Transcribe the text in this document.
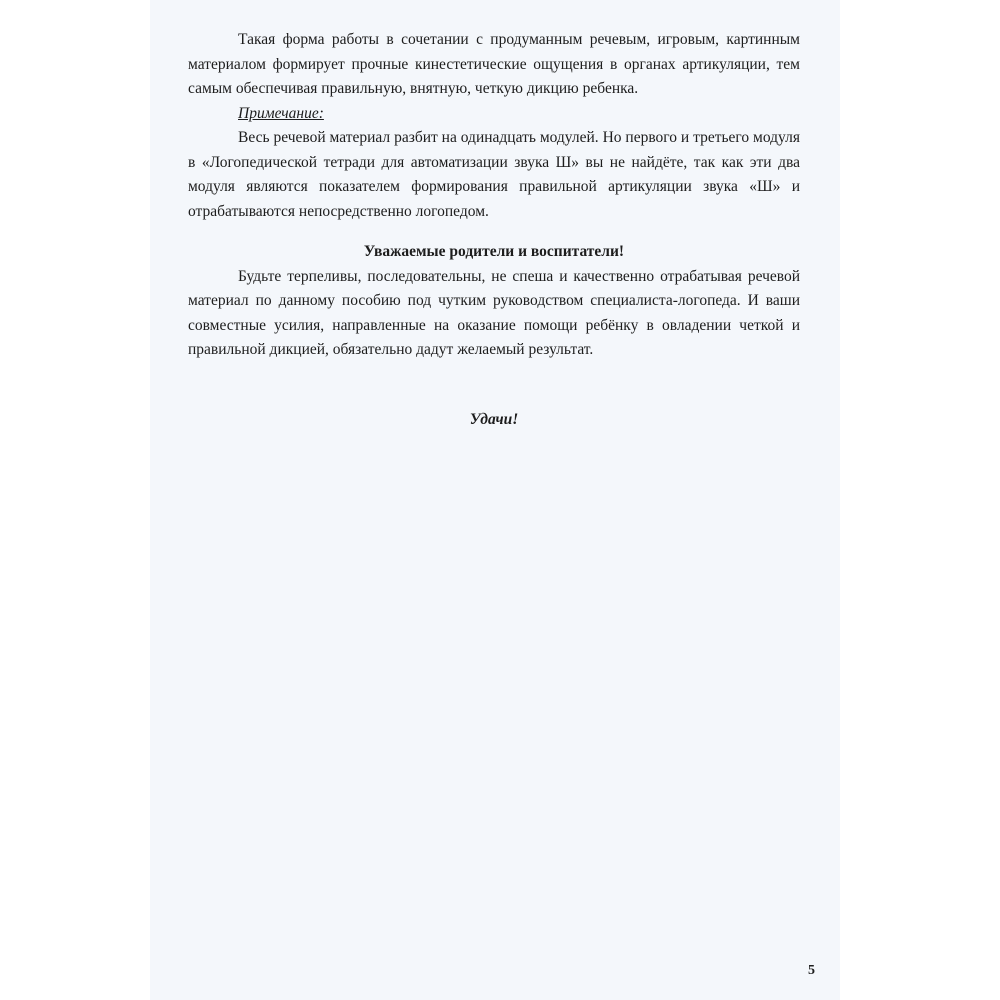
Такая форма работы в сочетании с продуманным речевым, игровым, картинным материалом формирует прочные кинестетические ощущения в органах артикуляции, тем самым обеспечивая правильную, внятную, четкую дикцию ребенка.

Примечание:

Весь речевой материал разбит на одинадцать модулей. Но первого и третьего модуля в «Логопедической тетради для автоматизации звука Ш» вы не найдёте, так как эти два модуля являются показателем формирования правильной артикуляции звука «Ш» и отрабатываются непосредственно логопедом.

Уважаемые родители и воспитатели!

Будьте терпеливы, последовательны, не спеша и качественно отрабатывая речевой материал по данному пособию под чутким руководством специалиста-логопеда. И ваши совместные усилия, направленные на оказание помощи ребёнку в овладении четкой и правильной дикцией, обязательно дадут желаемый результат.

Удачи!

5
